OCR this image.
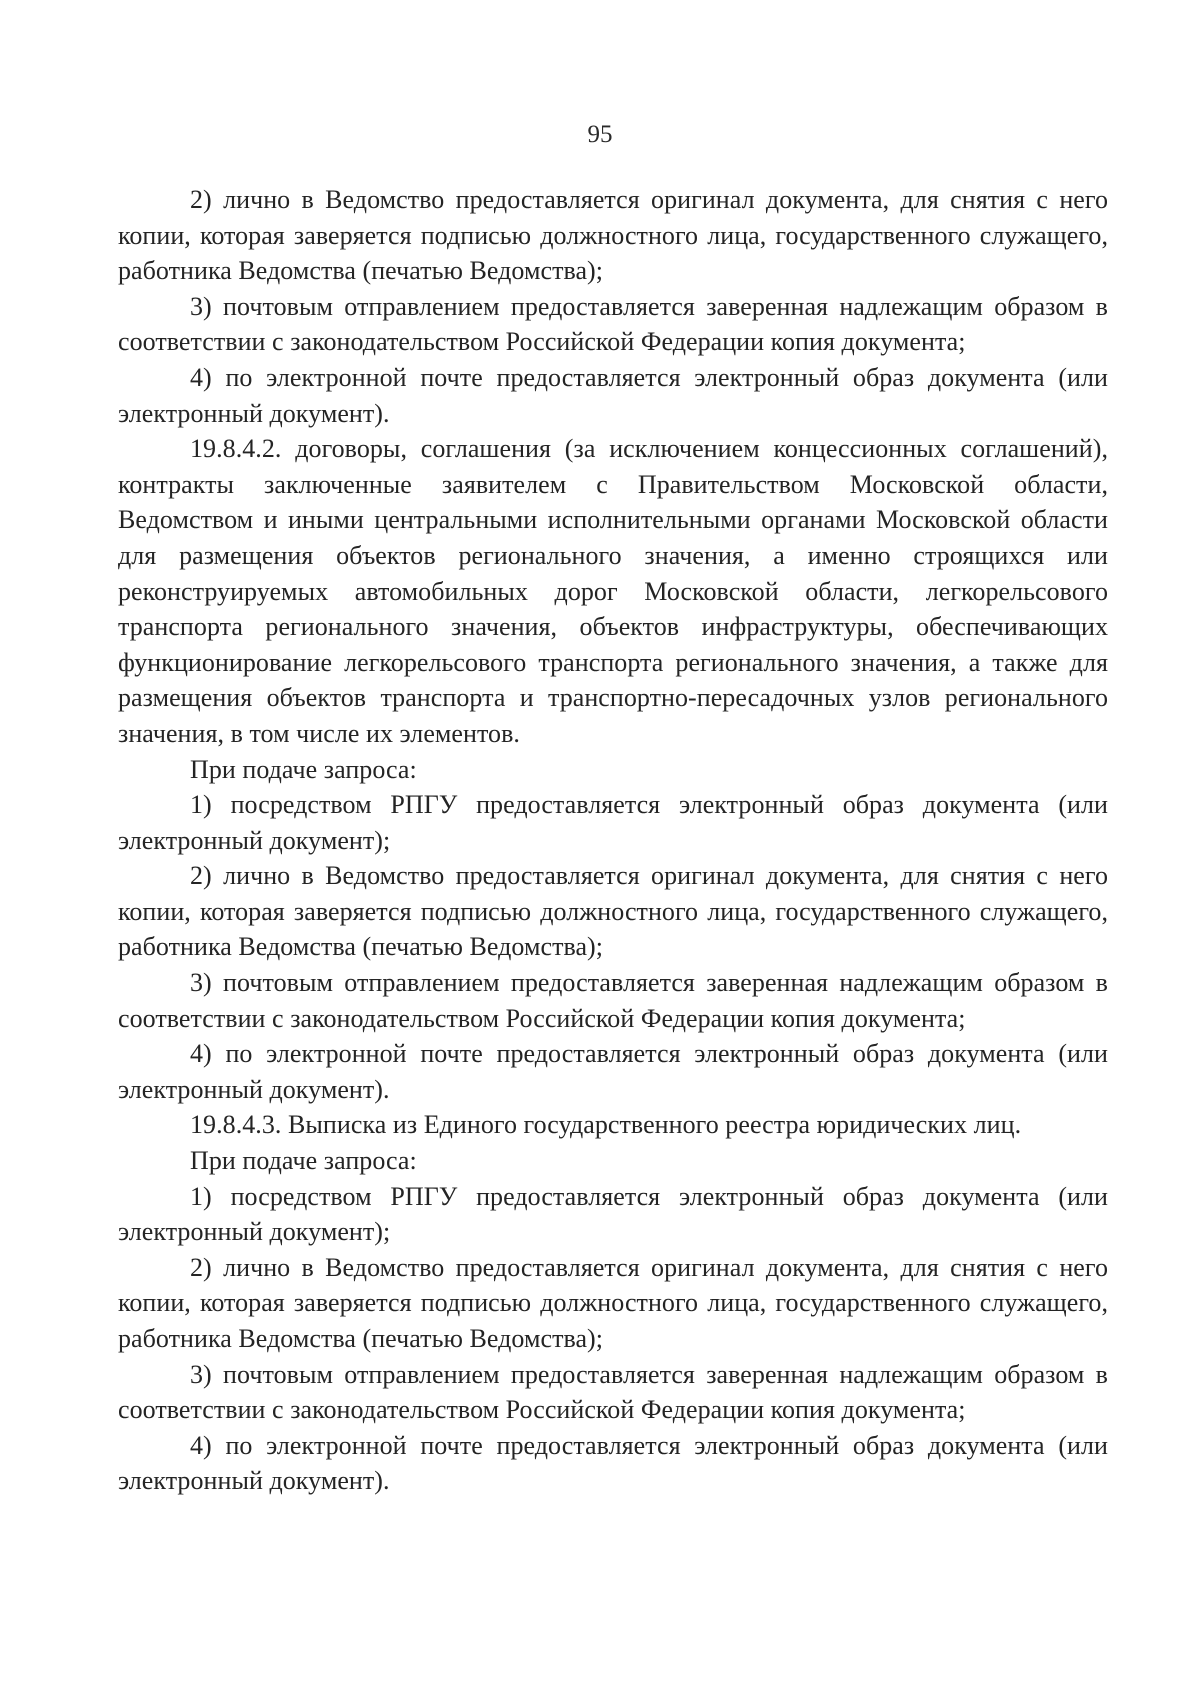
95

2) лично в Ведомство предоставляется оригинал документа, для снятия с него копии, которая заверяется подписью должностного лица, государственного служащего, работника Ведомства (печатью Ведомства);

3) почтовым отправлением предоставляется заверенная надлежащим образом в соответствии с законодательством Российской Федерации копия документа;

4) по электронной почте предоставляется электронный образ документа (или электронный документ).

19.8.4.2. договоры, соглашения (за исключением концессионных соглашений), контракты заключенные заявителем с Правительством Московской области, Ведомством и иными центральными исполнительными органами Московской области для размещения объектов регионального значения, а именно строящихся или реконструируемых автомобильных дорог Московской области, легкорельсового транспорта регионального значения, объектов инфраструктуры, обеспечивающих функционирование легкорельсового транспорта регионального значения, а также для размещения объектов транспорта и транспортно-пересадочных узлов регионального значения, в том числе их элементов.

При подаче запроса:

1) посредством РПГУ предоставляется электронный образ документа (или электронный документ);

2) лично в Ведомство предоставляется оригинал документа, для снятия с него копии, которая заверяется подписью должностного лица, государственного служащего, работника Ведомства (печатью Ведомства);

3) почтовым отправлением предоставляется заверенная надлежащим образом в соответствии с законодательством Российской Федерации копия документа;

4) по электронной почте предоставляется электронный образ документа (или электронный документ).

19.8.4.3. Выписка из Единого государственного реестра юридических лиц.

При подаче запроса:

1) посредством РПГУ предоставляется электронный образ документа (или электронный документ);

2) лично в Ведомство предоставляется оригинал документа, для снятия с него копии, которая заверяется подписью должностного лица, государственного служащего, работника Ведомства (печатью Ведомства);

3) почтовым отправлением предоставляется заверенная надлежащим образом в соответствии с законодательством Российской Федерации копия документа;

4) по электронной почте предоставляется электронный образ документа (или электронный документ).
